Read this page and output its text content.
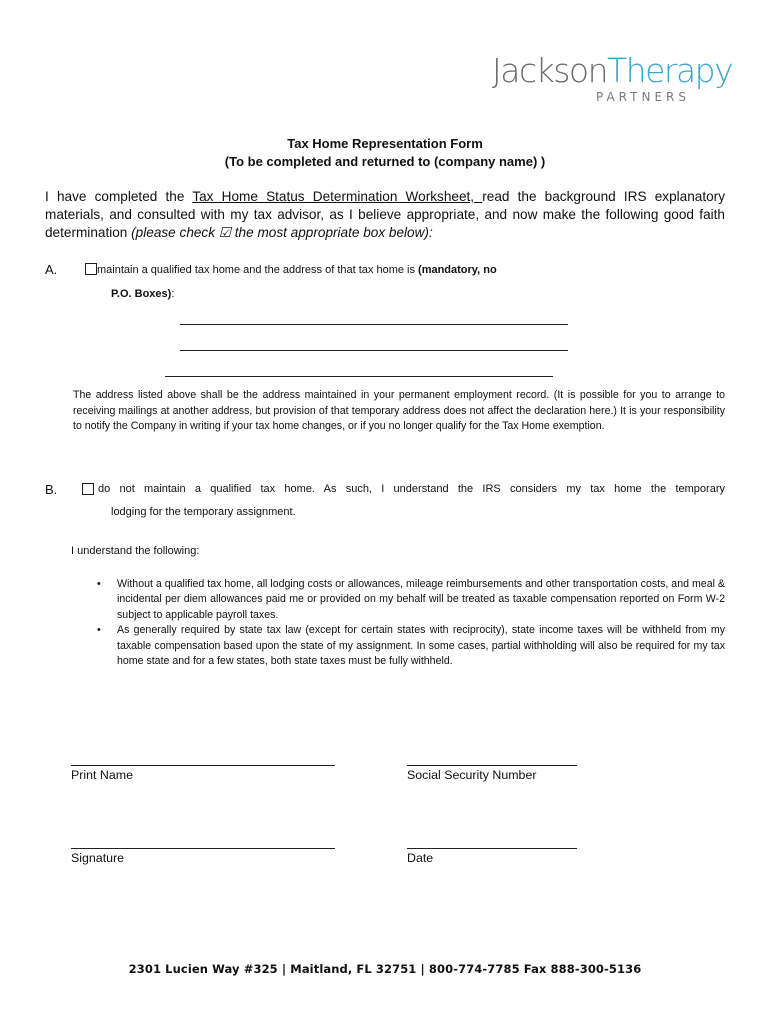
JacksonTherapy
PARTNERS
Tax Home Representation Form
(To be completed and returned to (company name) )
I have completed the Tax Home Status Determination Worksheet, read the background IRS explanatory materials, and consulted with my tax advisor, as I believe appropriate, and now make the following good faith determination (please check ☑ the most appropriate box below):
A.	maintain a qualified tax home and the address of that tax home is (mandatory, no
P.O. Boxes):
The address listed above shall be the address maintained in your permanent employment record. (It is possible for you to arrange to receiving mailings at another address, but provision of that temporary address does not affect the declaration here.) It is your responsibility to notify the Company in writing if your tax home changes, or if you no longer qualify for the Tax Home exemption.
B.	do not maintain a qualified tax home. As such, I understand the IRS considers my tax home the temporary
lodging for the temporary assignment.
I understand the following:
• Without a qualified tax home, all lodging costs or allowances, mileage reimbursements and other transportation costs, and meal & incidental per diem allowances paid me or provided on my behalf will be treated as taxable compensation reported on Form W-2 subject to applicable payroll taxes.
• As generally required by state tax law (except for certain states with reciprocity), state income taxes will be withheld from my taxable compensation based upon the state of my assignment. In some cases, partial withholding will also be required for my tax home state and for a few states, both state taxes must be fully withheld.
Print Name	Social Security Number
Signature	Date
2301 Lucien Way #325 | Maitland, FL 32751 | 800-774-7785 Fax 888-300-5136
